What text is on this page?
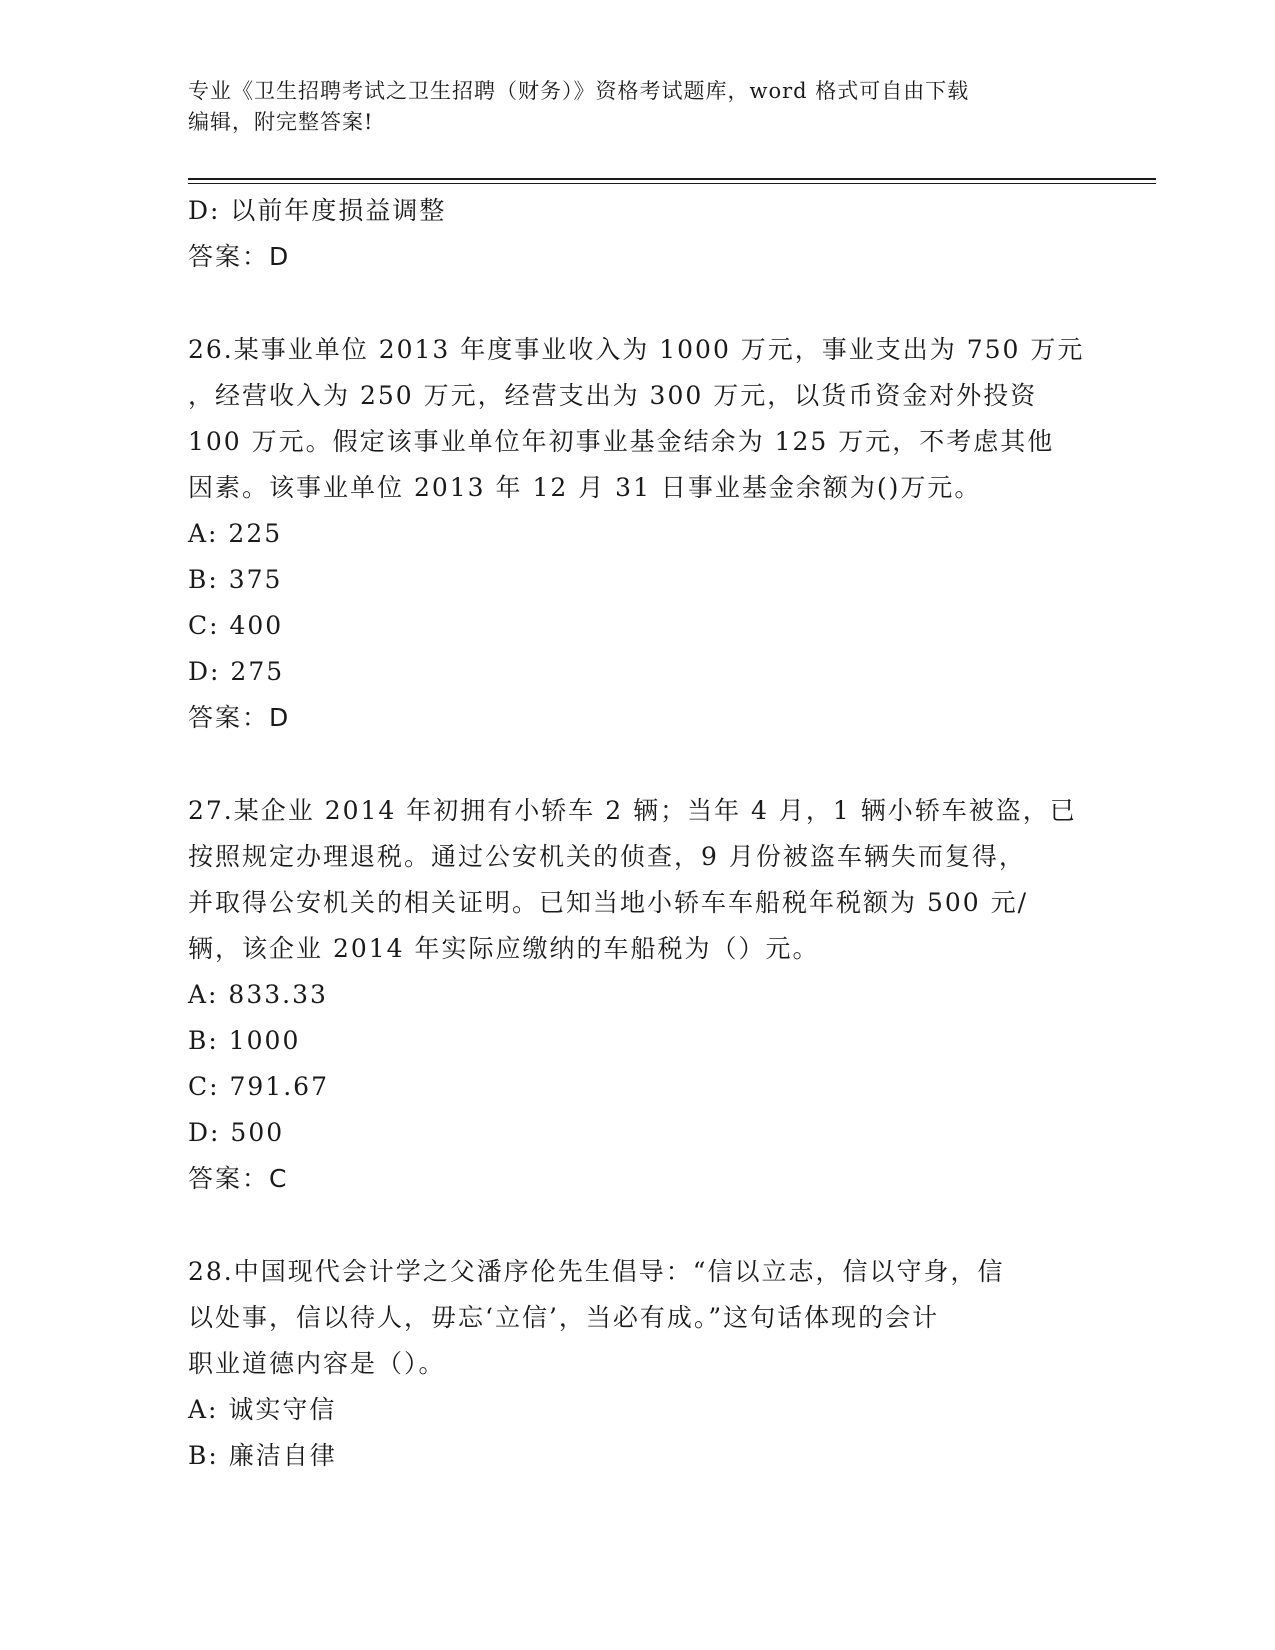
专业《卫生招聘考试之卫生招聘（财务）》资格考试题库，word 格式可自由下载
编辑，附完整答案!
D: 以前年度损益调整
答案：D
26.某事业单位 2013 年度事业收入为 1000 万元，事业支出为 750 万元
，经营收入为 250 万元，经营支出为 300 万元，以货币资金对外投资
100 万元。假定该事业单位年初事业基金结余为 125 万元，不考虑其他
因素。该事业单位 2013 年 12 月 31 日事业基金余额为()万元。
A: 225
B: 375
C: 400
D: 275
答案：D
27.某企业 2014 年初拥有小轿车 2 辆；当年 4 月，1 辆小轿车被盗，已
按照规定办理退税。通过公安机关的侦查，9 月份被盗车辆失而复得，
并取得公安机关的相关证明。已知当地小轿车车船税年税额为 500 元/
辆，该企业 2014 年实际应缴纳的车船税为（）元。
A: 833.33
B: 1000
C: 791.67
D: 500
答案：C
28.中国现代会计学之父潘序伦先生倡导：“信以立志，信以守身，信
以处事，信以待人，毋忘‘立信’，当必有成。”这句话体现的会计
职业道德内容是（）。
A: 诚实守信
B: 廉洁自律
